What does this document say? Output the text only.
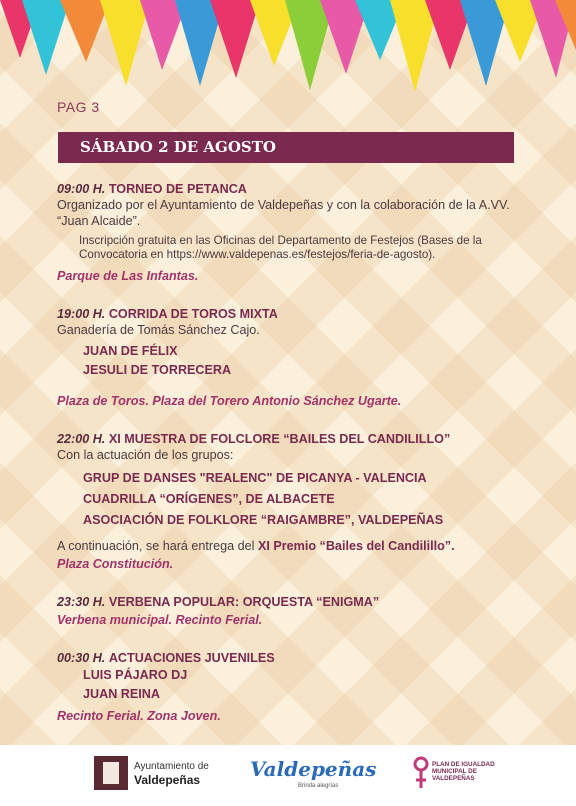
PAG 3
SÁBADO 2 DE AGOSTO
09:00 H. TORNEO DE PETANCA
Organizado por el Ayuntamiento de Valdepeñas y con la colaboración de la A.VV. “Juan Alcaide”.
Inscripción gratuita en las Oficinas del Departamento de Festejos (Bases de la Convocatoria en https://www.valdepenas.es/festejos/feria-de-agosto).
Parque de Las Infantas.
19:00 H. CORRIDA DE TOROS MIXTA
Ganadería de Tomás Sánchez Cajo.
JUAN DE FÉLIX
JESULI DE TORRECERA
Plaza de Toros. Plaza del Torero Antonio Sánchez Ugarte.
22:00 H. XI MUESTRA DE FOLCLORE “BAILES DEL CANDILILLO”
Con la actuación de los grupos:
GRUP DE DANSES "REALENC" DE PICANYA - VALENCIA
CUADRILLA “ORÍGENES”, DE ALBACETE
ASOCIACIÓN DE FOLKLORE “RAIGAMBRE”, VALDEPEÑAS
A continuación, se hará entrega del XI Premio “Bailes del Candilillo”.
Plaza Constitución.
23:30 H. VERBENA POPULAR: ORQUESTA “ENIGMA”
Verbena municipal. Recinto Ferial.
00:30 H. ACTUACIONES JUVENILES
LUIS PÁJARO DJ
JUAN REINA
Recinto Ferial. Zona Joven.
Ayuntamiento de
Valdepeñas Valdepeñas
Brinda alegrías
PLAN DE IGUALDAD
MUNICIPAL DE
VALDEPEÑAS
